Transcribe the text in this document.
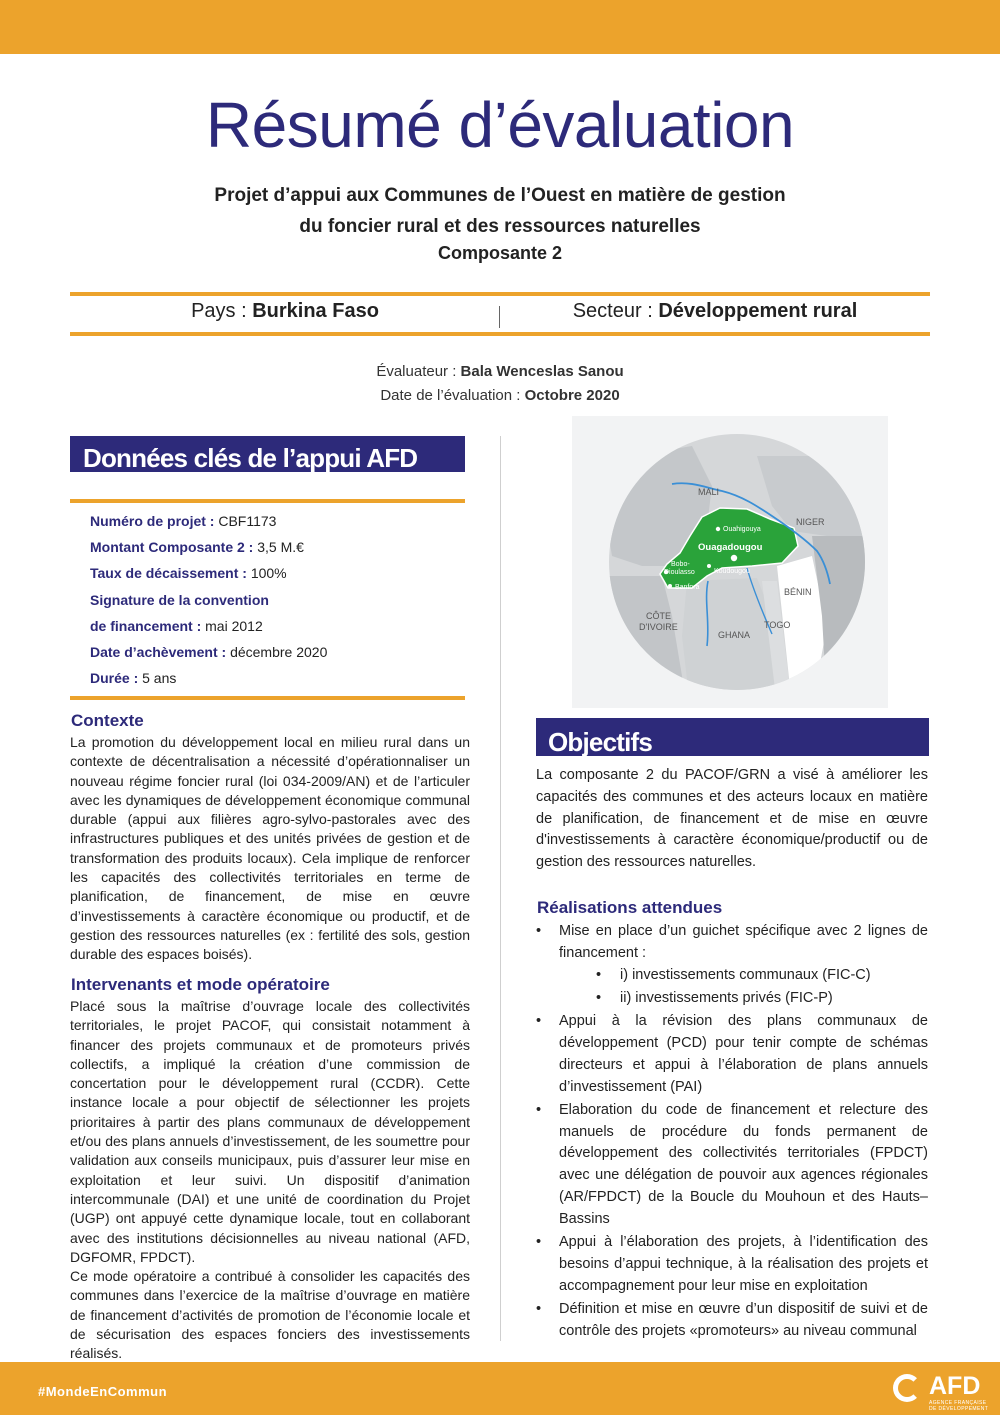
Résumé d’évaluation
Projet d’appui aux Communes de l’Ouest en matière de gestion
du foncier rural et des ressources naturelles
Composante 2
Pays : Burkina Faso	Secteur : Développement rural
Évaluateur : Bala Wenceslas Sanou
Date de l’évaluation : Octobre 2020
Données clés de l’appui AFD
Numéro de projet : CBF1173
Montant Composante 2 : 3,5 M.€
Taux de décaissement : 100%
Signature de la convention
de financement : mai 2012
Date d’achèvement : décembre 2020
Durée : 5 ans
Contexte

La promotion du développement local en milieu rural dans un contexte de décentralisation a nécessité d’opérationnaliser un nouveau régime foncier rural (loi 034-2009/AN) et de l’articuler avec les dynamiques de développement économique communal durable (appui aux filières agro-sylvo-pastorales avec des infrastructures publiques et des unités privées de gestion et de transformation des produits locaux). Cela implique de renforcer les capacités des collectivités territoriales en terme de planification, de financement, de mise en œuvre d’investissements à caractère économique ou productif, et de gestion des ressources naturelles (ex : fertilité des sols, gestion durable des espaces boisés).

Intervenants et mode opératoire

Placé sous la maîtrise d’ouvrage locale des collectivités territoriales, le projet PACOF, qui consistait notamment à financer des projets communaux et de promoteurs privés collectifs, a impliqué la création d’une commission de concertation pour le développement rural (CCDR). Cette instance locale a pour objectif de sélectionner les projets prioritaires à partir des plans communaux de développement et/ou des plans annuels d’investissement, de les soumettre pour validation aux conseils municipaux, puis d’assurer leur mise en exploitation et leur suivi. Un dispositif d’animation intercommunale (DAI) et une unité de coordination du Projet (UGP) ont appuyé cette dynamique locale, tout en collaborant avec des institutions décisionnelles au niveau national (AFD, DGFOMR, FPDCT).

Ce mode opératoire a contribué à consolider les capacités des communes dans l’exercice de la maîtrise d’ouvrage en matière de financement d’activités de promotion de l’économie locale et de sécurisation des espaces fonciers des investissements réalisés.

MALI
NIGER
BÉNIN
TOGO
GHANA
CÔTE
D'IVOIRE
Ouahigouya
Ouagadougou
Koudougou
Bobo-
Dioulasso
Banfora
Objectifs
La composante 2 du PACOF/GRN a visé à améliorer les capacités des communes et des acteurs locaux en matière de planification, de financement et de mise en œuvre d'investissements à caractère économique/productif ou de gestion des ressources naturelles.
Réalisations attendues
• Mise en place d’un guichet spécifique avec 2 lignes de financement :
• i) investissements communaux (FIC-C)
• ii) investissements privés (FIC-P)
• Appui à la révision des plans communaux de développement (PCD) pour tenir compte de schémas directeurs et appui à l’élaboration de plans annuels d’investissement (PAI)
• Elaboration du code de financement et relecture des manuels de procédure du fonds permanent de développement des collectivités territoriales (FPDCT) avec une délégation de pouvoir aux agences régionales (AR/FPDCT) de la Boucle du Mouhoun et des Hauts–Bassins
• Appui à l’élaboration des projets, à l’identification des besoins d’appui technique, à la réalisation des projets et accompagnement pour leur mise en exploitation
• Définition et mise en œuvre d’un dispositif de suivi et de contrôle des projets «promoteurs» au niveau communal
#MondeEnCommun	AFD
AGENCE FRANÇAISE DE DÉVELOPPEMENT
